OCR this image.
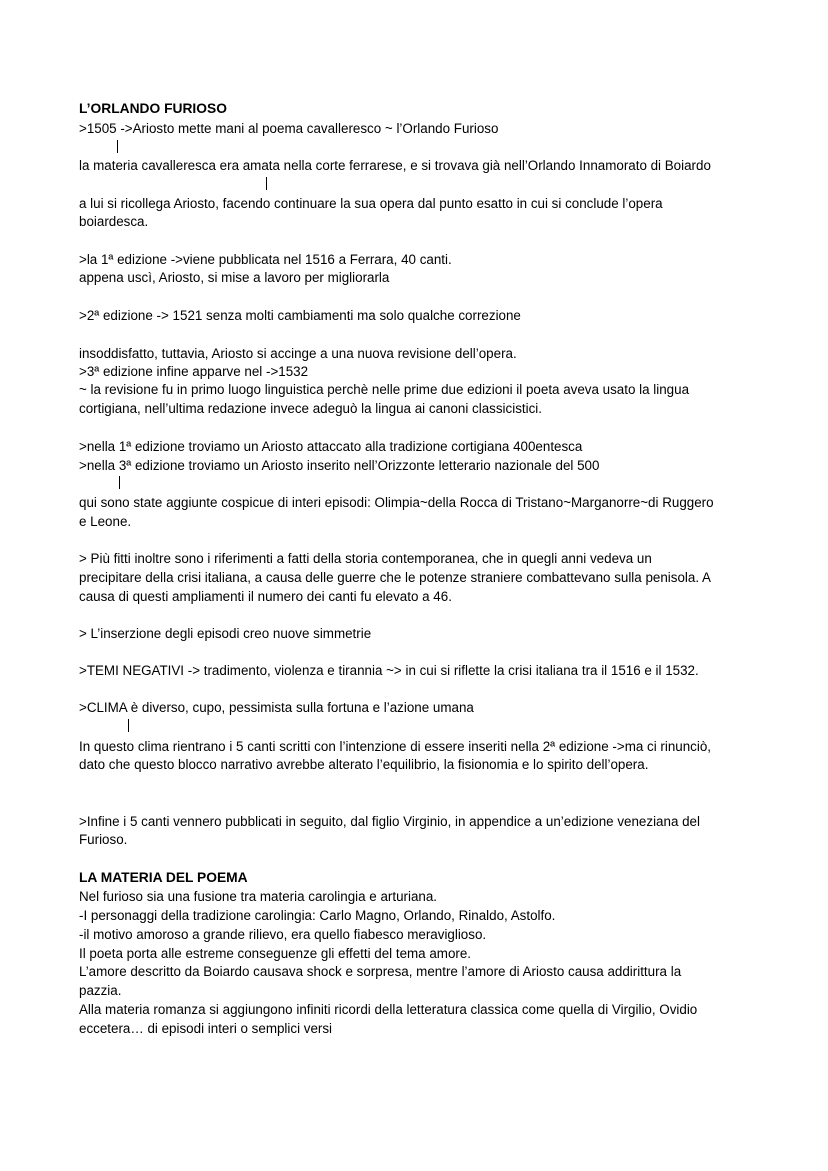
L’ORLANDO FURIOSO

>1505 ->Ariosto mette mani al poema cavalleresco ~ l’Orlando Furioso

la materia cavalleresca era amata nella corte ferrarese, e si trovava già nell’Orlando Innamorato di Boiardo

a lui si ricollega Ariosto, facendo continuare la sua opera dal punto esatto in cui si conclude l’opera

boiardesca.

>la 1ª edizione ->viene pubblicata nel 1516 a Ferrara, 40 canti.

appena uscì, Ariosto, si mise a lavoro per migliorarla

>2ª edizione -> 1521 senza molti cambiamenti ma solo qualche correzione

insoddisfatto, tuttavia, Ariosto si accinge a una nuova revisione dell’opera.

>3ª edizione infine apparve nel ->1532

~ la revisione fu in primo luogo linguistica perchè nelle prime due edizioni il poeta aveva usato la lingua

cortigiana, nell’ultima redazione invece adeguò la lingua ai canoni classicistici.

>nella 1ª edizione troviamo un Ariosto attaccato alla tradizione cortigiana 400entesca

>nella 3ª edizione troviamo un Ariosto inserito nell’Orizzonte letterario nazionale del 500

qui sono state aggiunte cospicue di interi episodi: Olimpia~della Rocca di Tristano~Marganorre~di Ruggero

e Leone.

> Più fitti inoltre sono i riferimenti a fatti della storia contemporanea, che in quegli anni vedeva un

precipitare della crisi italiana, a causa delle guerre che le potenze straniere combattevano sulla penisola. A

causa di questi ampliamenti il numero dei canti fu elevato a 46.

> L’inserzione degli episodi creo nuove simmetrie

>TEMI NEGATIVI -> tradimento, violenza e tirannia ~> in cui si riflette la crisi italiana tra il 1516 e il 1532.

>CLIMA è diverso, cupo, pessimista sulla fortuna e l’azione umana

In questo clima rientrano i 5 canti scritti con l’intenzione di essere inseriti nella 2ª edizione ->ma ci rinunciò,

dato che questo blocco narrativo avrebbe alterato l’equilibrio, la fisionomia e lo spirito dell’opera.

>Infine i 5 canti vennero pubblicati in seguito, dal figlio Virginio, in appendice a un’edizione veneziana del

Furioso.

LA MATERIA DEL POEMA

Nel furioso sia una fusione tra materia carolingia e arturiana.

-I personaggi della tradizione carolingia: Carlo Magno, Orlando, Rinaldo, Astolfo.

-il motivo amoroso a grande rilievo, era quello fiabesco meraviglioso.

Il poeta porta alle estreme conseguenze gli effetti del tema amore.

L’amore descritto da Boiardo causava shock e sorpresa, mentre l’amore di Ariosto causa addirittura la

pazzia.

Alla materia romanza si aggiungono infiniti ricordi della letteratura classica come quella di Virgilio, Ovidio

eccetera… di episodi interi o semplici versi
